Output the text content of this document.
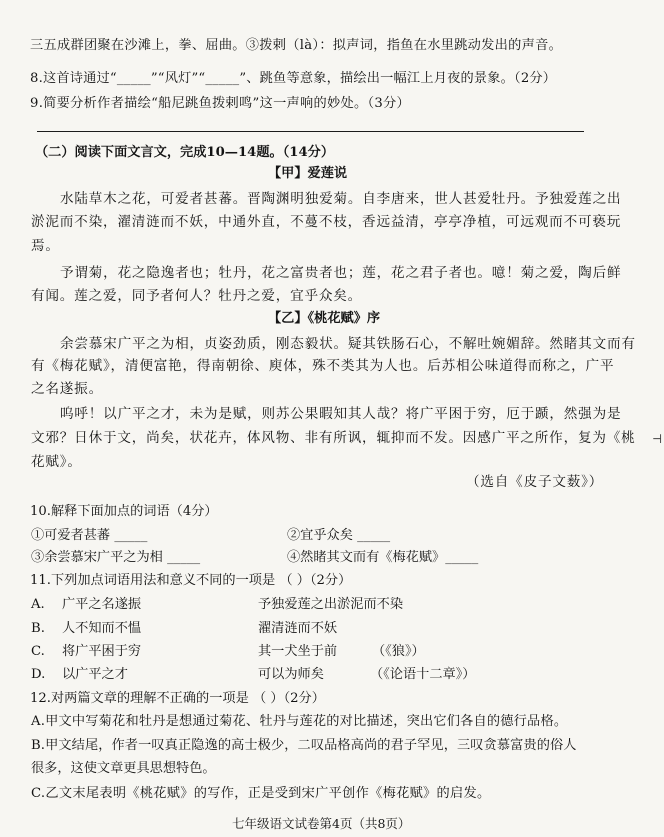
三五成群团聚在沙滩上，拳、屈曲。③拨剌（là）：拟声词，指鱼在水里跳动发出的声音。
8.这首诗通过“_____”“风灯”“_____”、跳鱼等意象，描绘出一幅江上月夜的景象。（2分）
9.简要分析作者描绘“船尼跳鱼拨剌鸣”这一声响的妙处。（3分）
（二）阅读下面文言文，完成10—14题。（14分）
【甲】爱莲说
水陆草木之花，可爱者甚蕃。晋陶渊明独爱菊。自李唐来，世人甚爱牡丹。予独爱莲之出
淤泥而不染，濯清涟而不妖，中通外直，不蔓不枝，香远益清，亭亭净植，可远观而不可亵玩
焉。
予谓菊，花之隐逸者也；牡丹，花之富贵者也；莲，花之君子者也。噫！菊之爱，陶后鲜
有闻。莲之爱，同予者何人？牡丹之爱，宜乎众矣。
【乙】《桃花赋》序
余尝慕宋广平之为相，贞姿劲质，刚态毅状。疑其铁肠石心，不解吐婉媚辞。然睹其文而有
有《梅花赋》，清便富艳，得南朝徐、庾体，殊不类其为人也。后苏相公味道得而称之，广平
之名遂振。
呜呼！以广平之才，未为是赋，则苏公果暇知其人哉？将广平困于穷，厄于踬，然强为是
文邪？日休于文，尚矣，状花卉，体风物、非有所讽，辄抑而不发。因感广平之所作，复为《桃
花赋》。
（选自《皮子文薮》）
⊣
10.解释下面加点的词语（4分）
①可爱者甚蕃 _____	②宜乎众矣 _____
③余尝慕宋广平之为相 _____	④然睹其文而有《梅花赋》_____
11.下列加点词语用法和意义不同的一项是 （ ）（2分）
A. 广平之名遂振	予独爱莲之出淤泥而不染
B. 人不知而不愠	濯清涟而不妖
C. 将广平困于穷	其一犬坐于前	（《狼》）
D. 以广平之才	可以为师矣	（《论语十二章》）
12.对两篇文章的理解不正确的一项是 （ ）（2分）
A.甲文中写菊花和牡丹是想通过菊花、牡丹与莲花的对比描述，突出它们各自的德行品格。
B.甲文结尾，作者一叹真正隐逸的高士极少，二叹品格高尚的君子罕见，三叹贪慕富贵的俗人
很多，这使文章更具思想特色。
C.乙文末尾表明《桃花赋》的写作，正是受到宋广平创作《梅花赋》的启发。
七年级语文试卷第4页（共8页）
